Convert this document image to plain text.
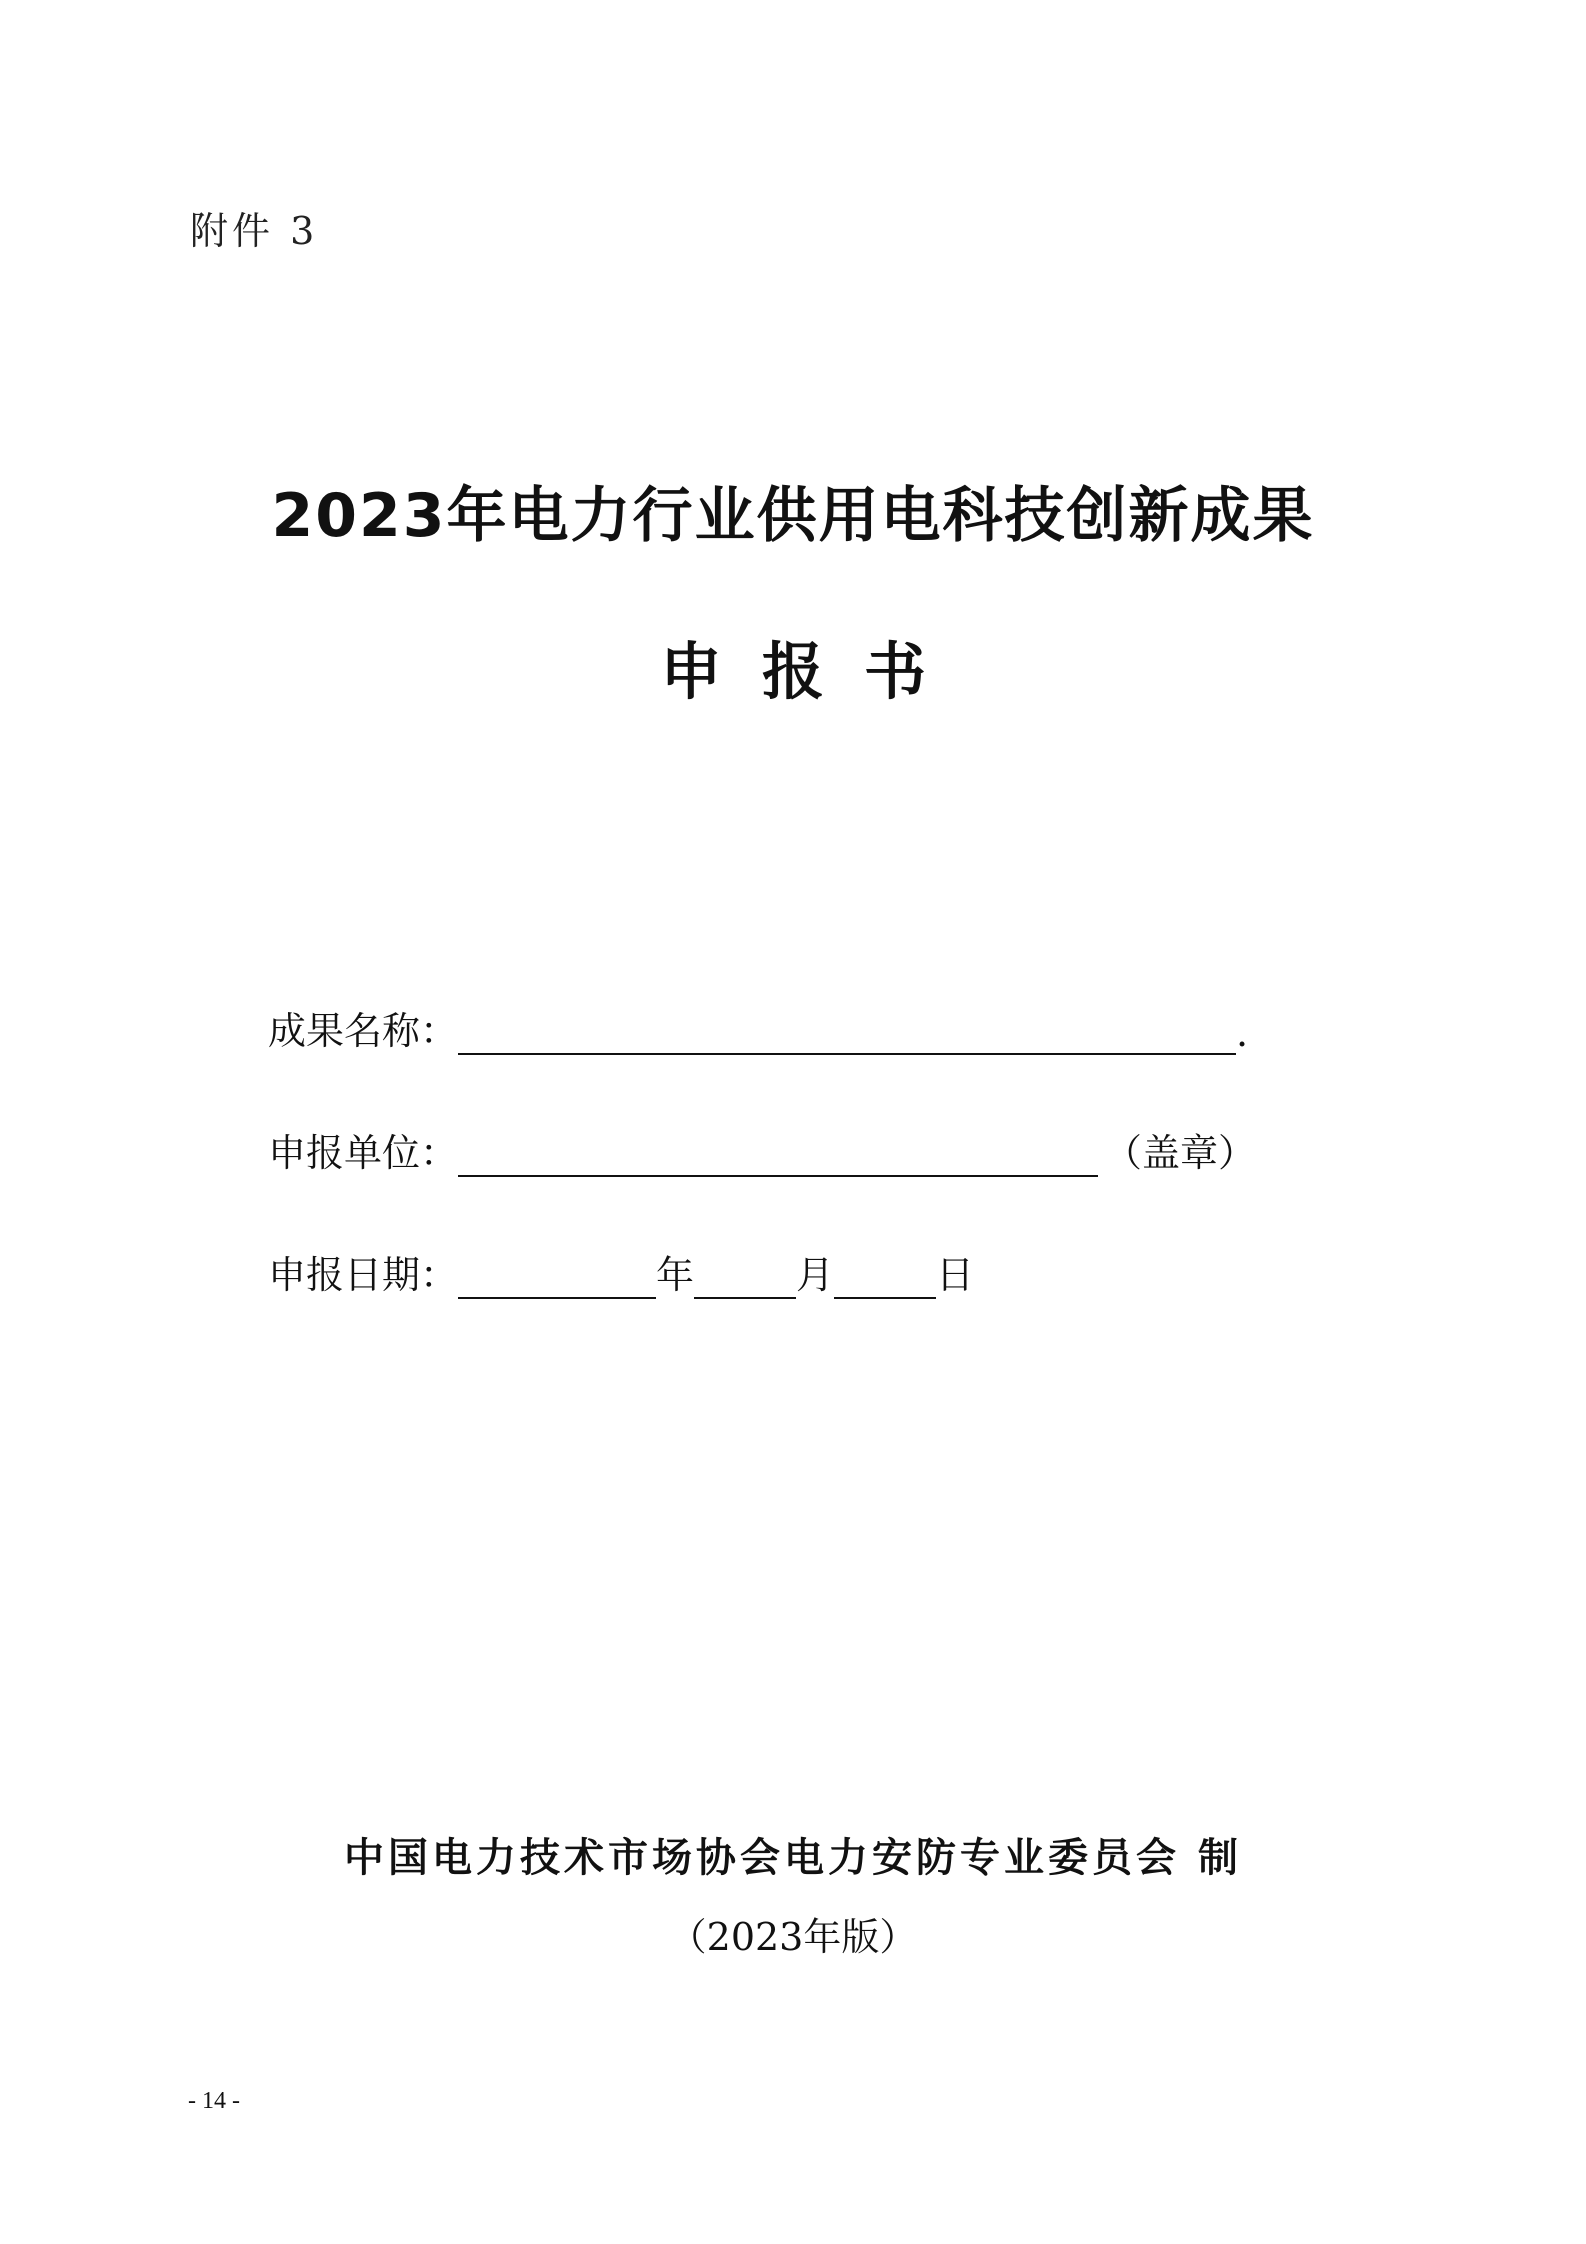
附件 3
2023年电力行业供用电科技创新成果
申报书
成果名称：	.
申报单位：	（盖章）
申报日期：	年	月	日
中国电力技术市场协会电力安防专业委员会 制
（2023年版）
- 14 -
